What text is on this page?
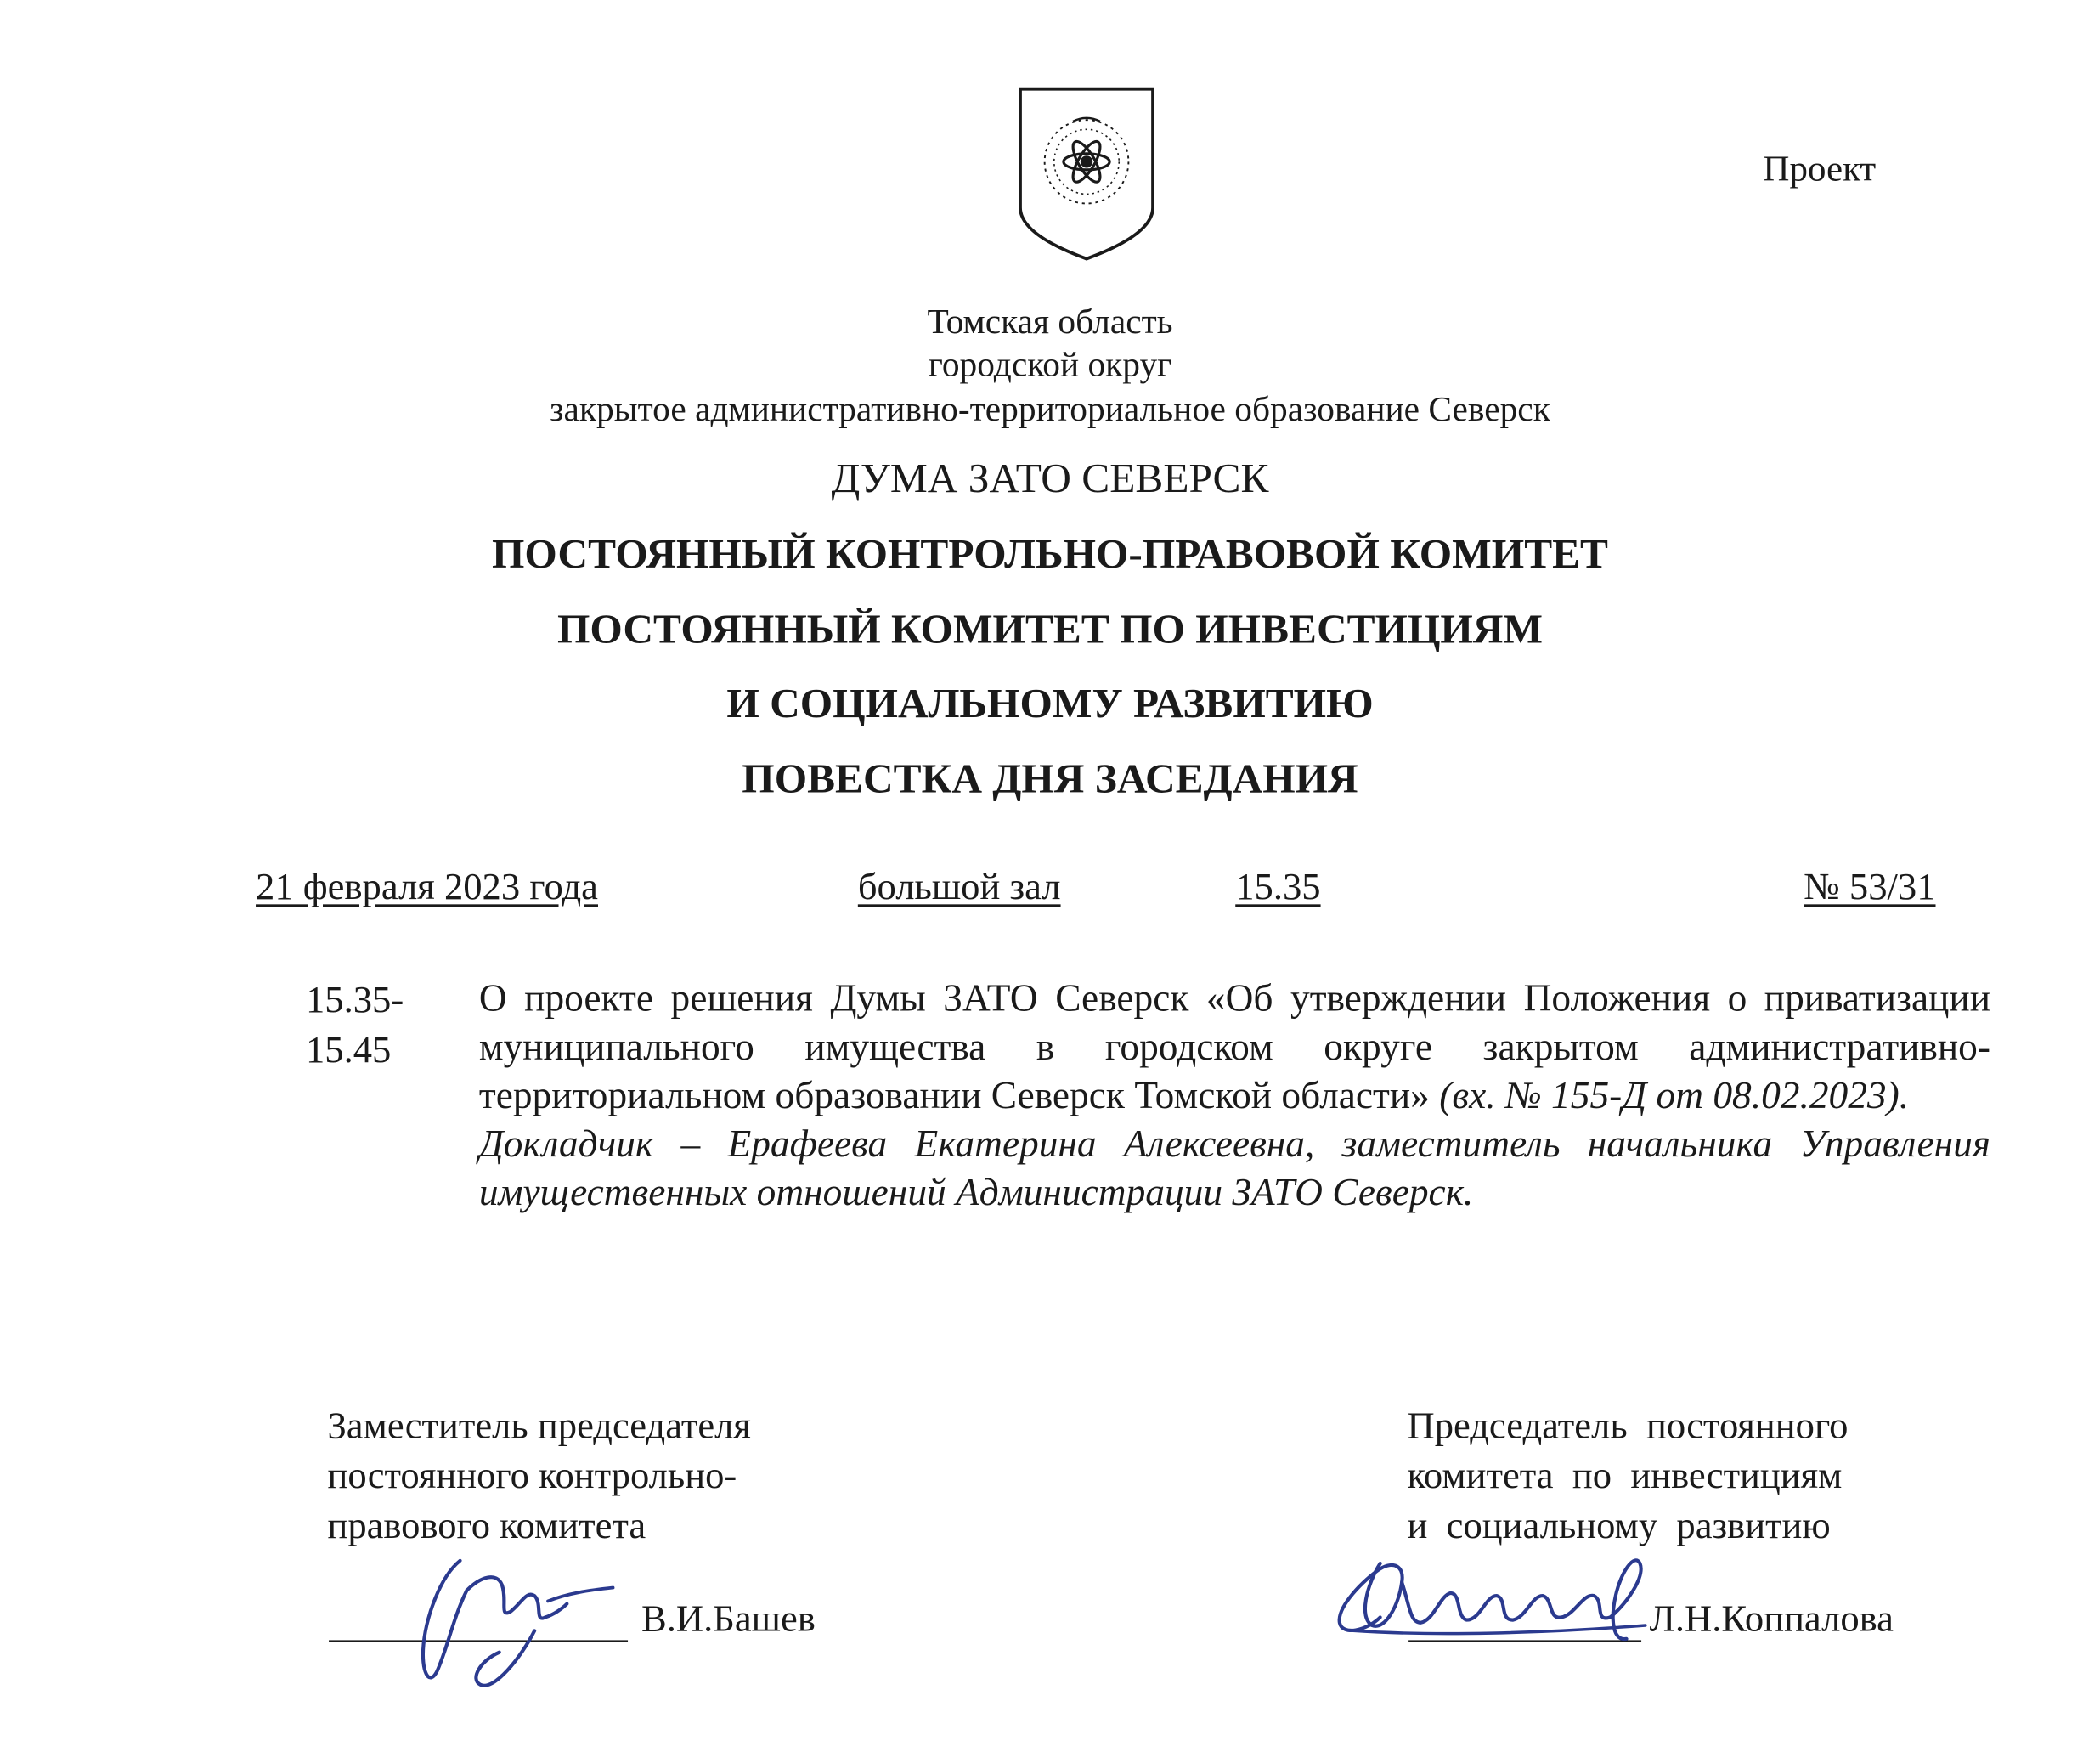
Проект
Томская область
городской округ
закрытое административно-территориальное образование Северск
ДУМА ЗАТО СЕВЕРСК
ПОСТОЯННЫЙ КОНТРОЛЬНО-ПРАВОВОЙ КОМИТЕТ
ПОСТОЯННЫЙ КОМИТЕТ ПО ИНВЕСТИЦИЯМ
И СОЦИАЛЬНОМУ РАЗВИТИЮ
ПОВЕСТКА ДНЯ ЗАСЕДАНИЯ
21 февраля 2023 года	большой зал	15.35	№ 53/31
15.35-
15.45
О проекте решения Думы ЗАТО Северск «Об утверждении Положения о приватизации муниципального имущества в городском округе закрытом административно-территориальном образовании Северск Томской области» (вх. № 155-Д от 08.02.2023).
Докладчик – Ерафеева Екатерина Алексеевна, заместитель начальника Управления имущественных отношений Администрации ЗАТО Северск.
Заместитель председателя
постоянного контрольно-
правового комитета
В.И.Башев
Председатель  постоянного
комитета  по  инвестициям
и  социальному  развитию
Л.Н.Коппалова
